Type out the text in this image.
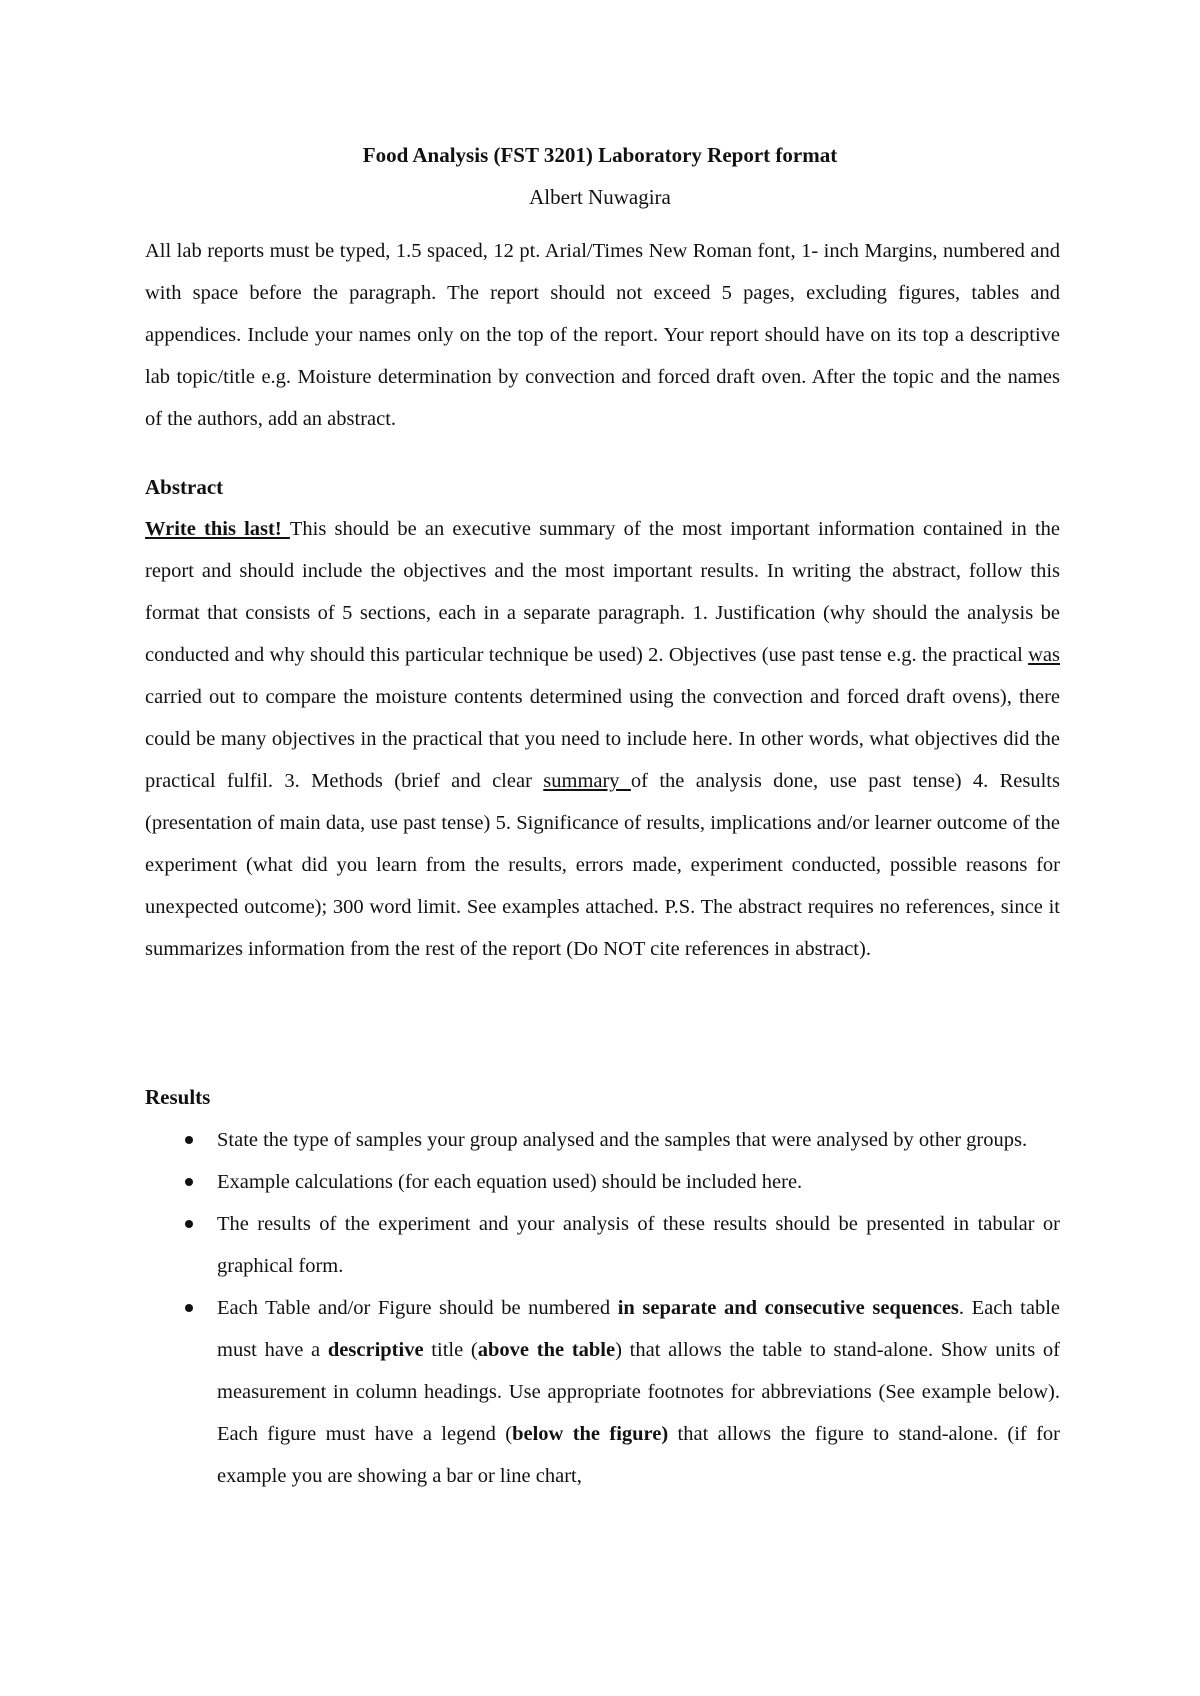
Food Analysis (FST 3201) Laboratory Report format
Albert Nuwagira
All lab reports must be typed, 1.5 spaced, 12 pt. Arial/Times New Roman font, 1- inch Margins, numbered and with space before the paragraph. The report should not exceed 5 pages, excluding figures, tables and appendices. Include your names only on the top of the report. Your report should have on its top a descriptive lab topic/title e.g. Moisture determination by convection and forced draft oven. After the topic and the names of the authors, add an abstract.
Abstract
Write this last! This should be an executive summary of the most important information contained in the report and should include the objectives and the most important results. In writing the abstract, follow this format that consists of 5 sections, each in a separate paragraph. 1. Justification (why should the analysis be conducted and why should this particular technique be used) 2. Objectives (use past tense e.g. the practical was carried out to compare the moisture contents determined using the convection and forced draft ovens), there could be many objectives in the practical that you need to include here. In other words, what objectives did the practical fulfil. 3. Methods (brief and clear summary of the analysis done, use past tense) 4. Results (presentation of main data, use past tense) 5. Significance of results, implications and/or learner outcome of the experiment (what did you learn from the results, errors made, experiment conducted, possible reasons for unexpected outcome); 300 word limit. See examples attached. P.S. The abstract requires no references, since it summarizes information from the rest of the report (Do NOT cite references in abstract).
Results
State the type of samples your group analysed and the samples that were analysed by other groups.
Example calculations (for each equation used) should be included here.
The results of the experiment and your analysis of these results should be presented in tabular or graphical form.
Each Table and/or Figure should be numbered in separate and consecutive sequences. Each table must have a descriptive title (above the table) that allows the table to stand-alone. Show units of measurement in column headings. Use appropriate footnotes for abbreviations (See example below). Each figure must have a legend (below the figure) that allows the figure to stand-alone. (if for example you are showing a bar or line chart,
